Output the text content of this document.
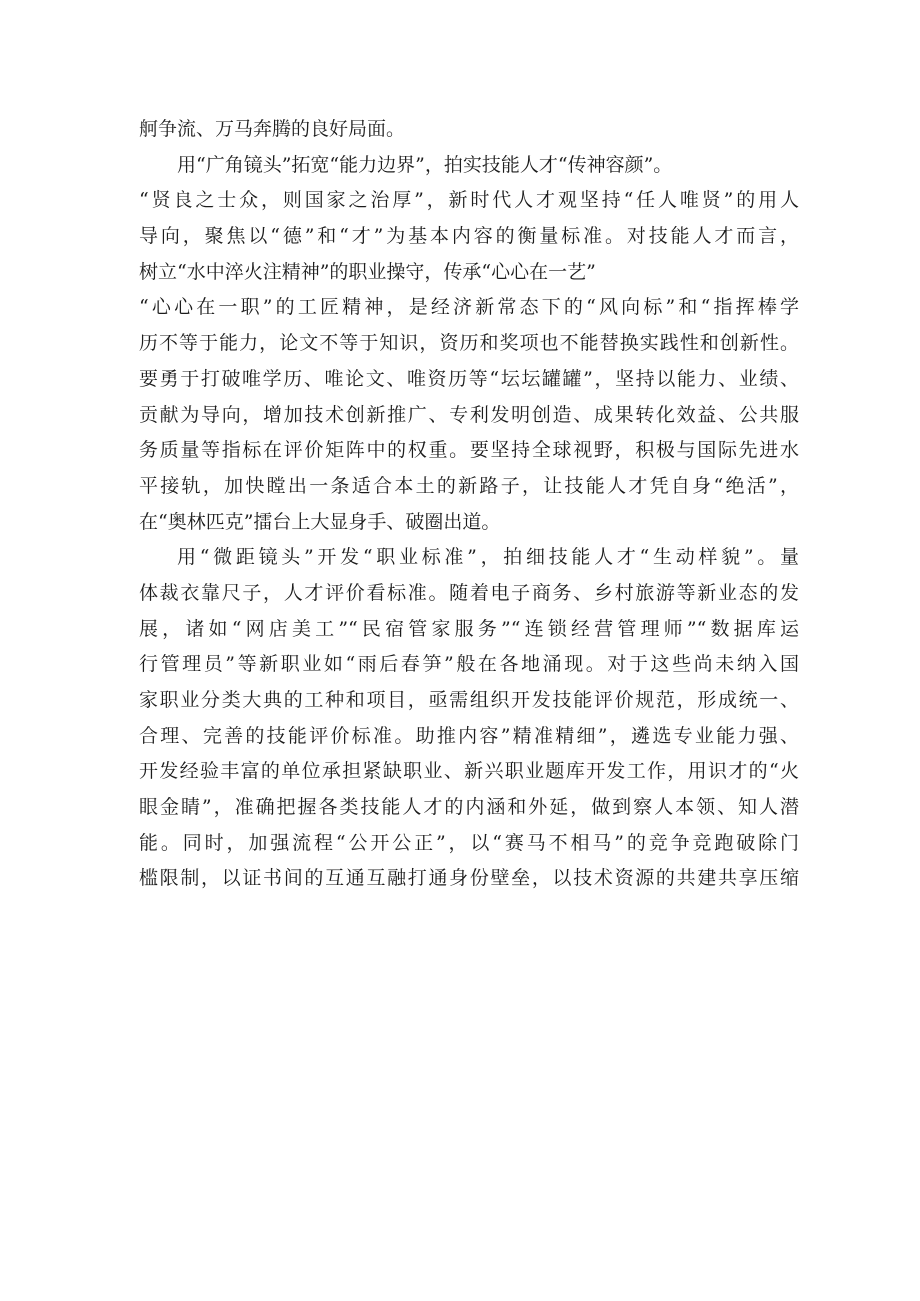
舸争流、万马奔腾的良好局面。
用“广角镜头”拓宽“能力边界”，拍实技能人才“传神容颜”。
“贤良之士众，则国家之治厚”，新时代人才观坚持“任人唯贤”的用人
导向，聚焦以“德”和“才”为基本内容的衡量标准。对技能人才而言，
树立“水中淬火注精神”的职业操守，传承“心心在一艺”
“心心在一职”的工匠精神，是经济新常态下的“风向标”和“指挥棒学
历不等于能力，论文不等于知识，资历和奖项也不能替换实践性和创新性。
要勇于打破唯学历、唯论文、唯资历等“坛坛罐罐”，坚持以能力、业绩、
贡献为导向，增加技术创新推广、专利发明创造、成果转化效益、公共服
务质量等指标在评价矩阵中的权重。要坚持全球视野，积极与国际先进水
平接轨，加快瞠出一条适合本土的新路子，让技能人才凭自身“绝活”，
在“奥林匹克”擂台上大显身手、破圈出道。
用“微距镜头”开发“职业标准”，拍细技能人才“生动样貌”。量
体裁衣靠尺子，人才评价看标准。随着电子商务、乡村旅游等新业态的发
展，诸如“网店美工”“民宿管家服务”“连锁经营管理师”“数据库运
行管理员”等新职业如“雨后春笋”般在各地涌现。对于这些尚未纳入国
家职业分类大典的工种和项目，亟需组织开发技能评价规范，形成统一、
合理、完善的技能评价标准。助推内容”精准精细”，遴选专业能力强、
开发经验丰富的单位承担紧缺职业、新兴职业题库开发工作，用识才的“火
眼金睛”，准确把握各类技能人才的内涵和外延，做到察人本领、知人潜
能。同时，加强流程“公开公正”，以“赛马不相马”的竞争竞跑破除门
槛限制，以证书间的互通互融打通身份壁垒，以技术资源的共建共享压缩
